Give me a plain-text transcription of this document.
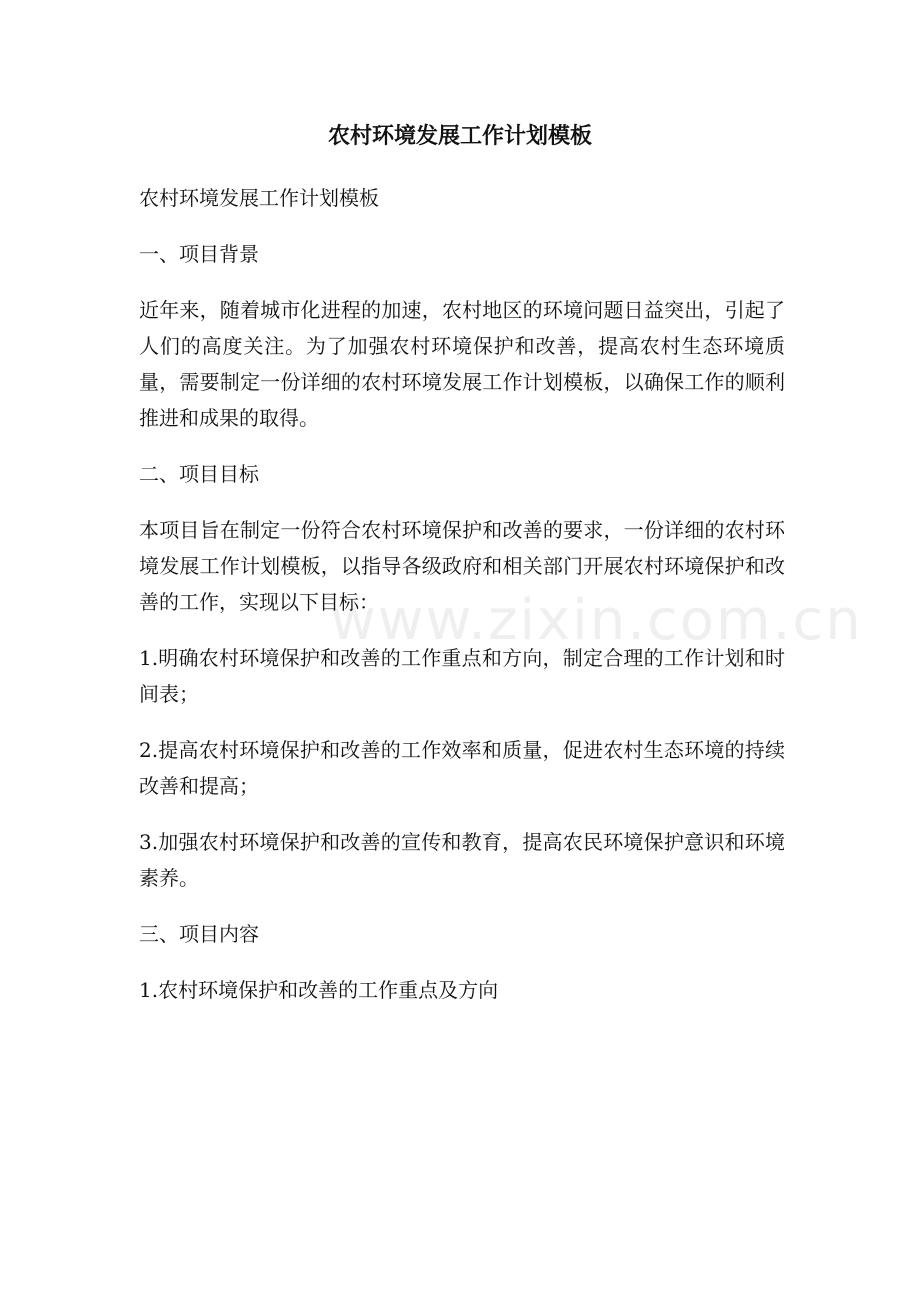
www.zixin.com.cn
农村环境发展工作计划模板

农村环境发展工作计划模板

一、项目背景

近年来，随着城市化进程的加速，农村地区的环境问题日益突出，引起了人们的高度关注。为了加强农村环境保护和改善，提高农村生态环境质量，需要制定一份详细的农村环境发展工作计划模板，以确保工作的顺利推进和成果的取得。

二、项目目标

本项目旨在制定一份符合农村环境保护和改善的要求，一份详细的农村环境发展工作计划模板，以指导各级政府和相关部门开展农村环境保护和改善的工作，实现以下目标：

1.明确农村环境保护和改善的工作重点和方向，制定合理的工作计划和时间表；

2.提高农村环境保护和改善的工作效率和质量，促进农村生态环境的持续改善和提高；

3.加强农村环境保护和改善的宣传和教育，提高农民环境保护意识和环境素养。

三、项目内容

1.农村环境保护和改善的工作重点及方向
